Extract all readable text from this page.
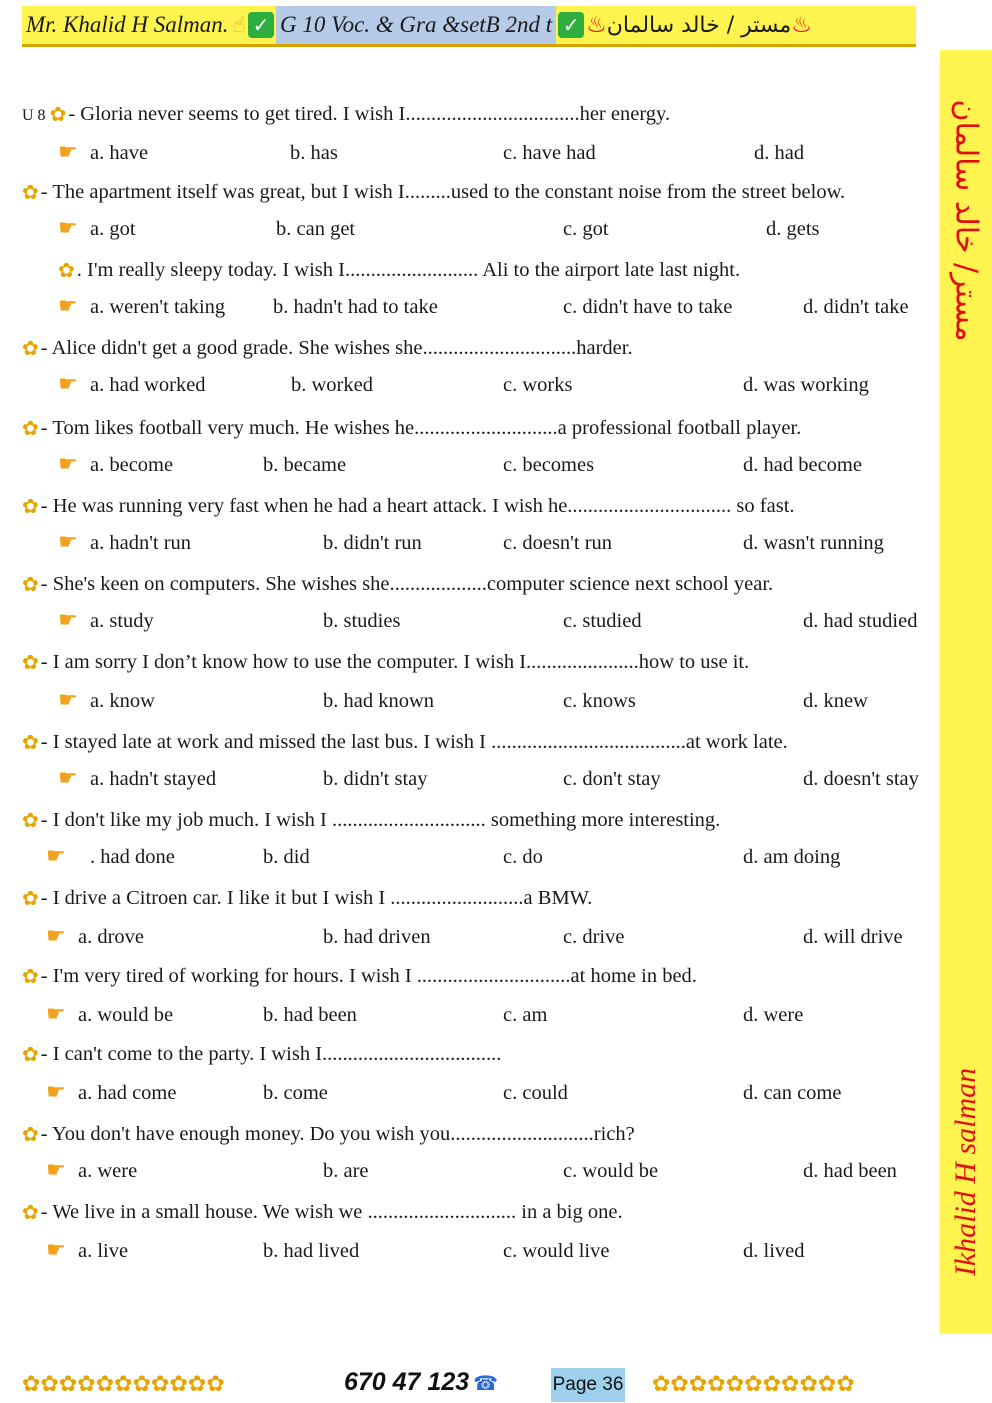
Mr. Khalid H Salman. ☝ ✓ G 10 Voc. & Gra &setB 2nd t ✓ ♨ مستر / خالد سالمان ♨
مستر/ خالد سالمان
Ikhalid H salman
U 8 ✿- Gloria never seems to get tired. I wish I..................................her energy.
☛ a. have	b. has	c. have had	d. had
✿- The apartment itself was great, but I wish I.........used to the constant noise from the street below.
☛ a. got	b. can get	c. got	d. gets
✿. I'm really sleepy today. I wish I.......................... Ali to the airport late last night.
☛ a. weren't taking b. hadn't had to take	c. didn't have to take	d. didn't take
✿- Alice didn't get a good grade. She wishes she..............................harder.
☛ a. had worked	b. worked	c. works	d. was working
✿- Tom likes football very much. He wishes he............................a professional football player.
☛ a. become	b. became	c. becomes	d. had become
✿- He was running very fast when he had a heart attack. I wish he................................ so fast.
☛ a. hadn't run	b. didn't run	c. doesn't run	d. wasn't running
✿- She's keen on computers. She wishes she...................computer science next school year.
☛ a. study	b. studies	c. studied	d. had studied
✿- I am sorry I don’t know how to use the computer. I wish I......................how to use it.
☛ a. know	b. had known	c. knows	d. knew
✿- I stayed late at work and missed the last bus. I wish I ......................................at work late.
☛ a. hadn't stayed	b. didn't stay	c. don't stay	d. doesn't stay
✿- I don't like my job much. I wish I .............................. something more interesting.
☛ . had done	b. did	c. do	d. am doing
✿- I drive a Citroen car. I like it but I wish I ..........................a BMW.
☛ a. drove	b. had driven	c. drive	d. will drive
✿- I'm very tired of working for hours. I wish I ..............................at home in bed.
☛ a. would be	b. had been	c. am	d. were
✿- I can't come to the party. I wish I...................................
☛ a. had come	b. come	c. could	d. can come
✿- You don't have enough money. Do you wish you............................rich?
☛ a. were	b. are	c. would be	d. had been
✿- We live in a small house. We wish we ............................. in a big one.
☛ a. live	b. had lived	c. would live	d. lived
✿✿✿✿✿✿✿✿✿✿✿	670 47 123 ☎	Page 36 ✿✿✿✿✿✿✿✿✿✿✿
